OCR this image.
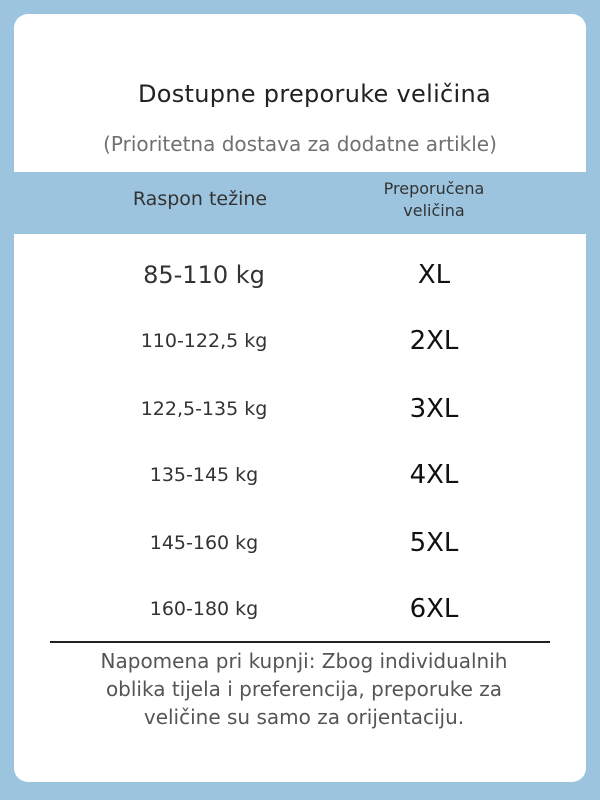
Dostupne preporuke veličina
(Prioritetna dostava za dodatne artikle)
Raspon težine	Preporučena
veličina
85-110 kg	XL
110-122,5 kg	2XL
122,5-135 kg	3XL
135-145 kg	4XL
145-160 kg	5XL
160-180 kg	6XL
Napomena pri kupnji: Zbog individualnih
oblika tijela i preferencija, preporuke za
veličine su samo za orijentaciju.
